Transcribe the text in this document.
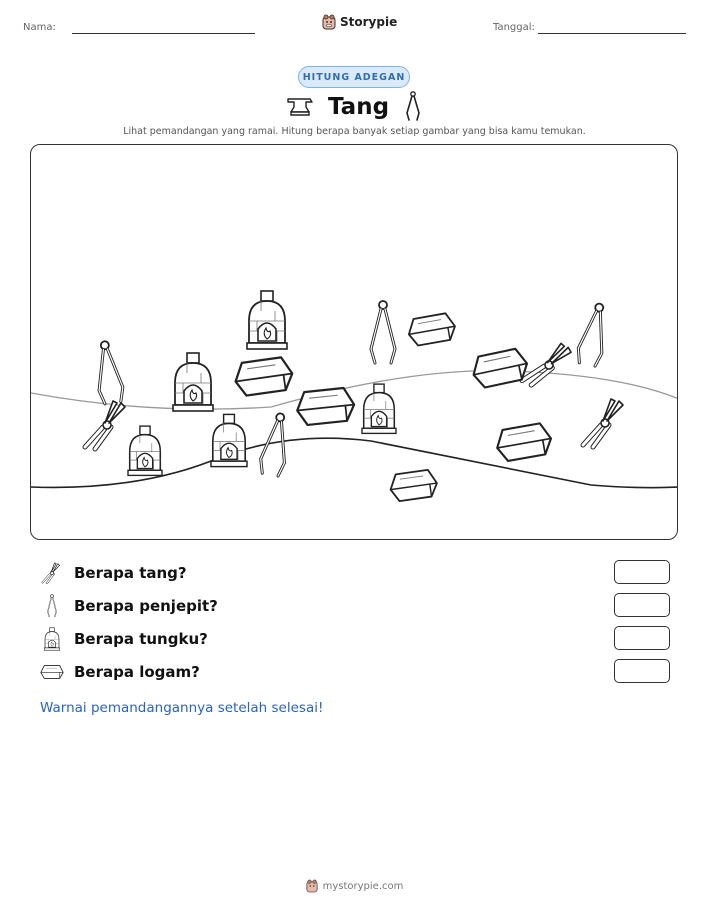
Nama:	Storypie	Tanggal:
HITUNG ADEGAN
Tang
Lihat pemandangan yang ramai. Hitung berapa banyak setiap gambar yang bisa kamu temukan.
Berapa tang?
Berapa penjepit?
Berapa tungku?
Berapa logam?
Warnai pemandangannya setelah selesai!
mystorypie.com
